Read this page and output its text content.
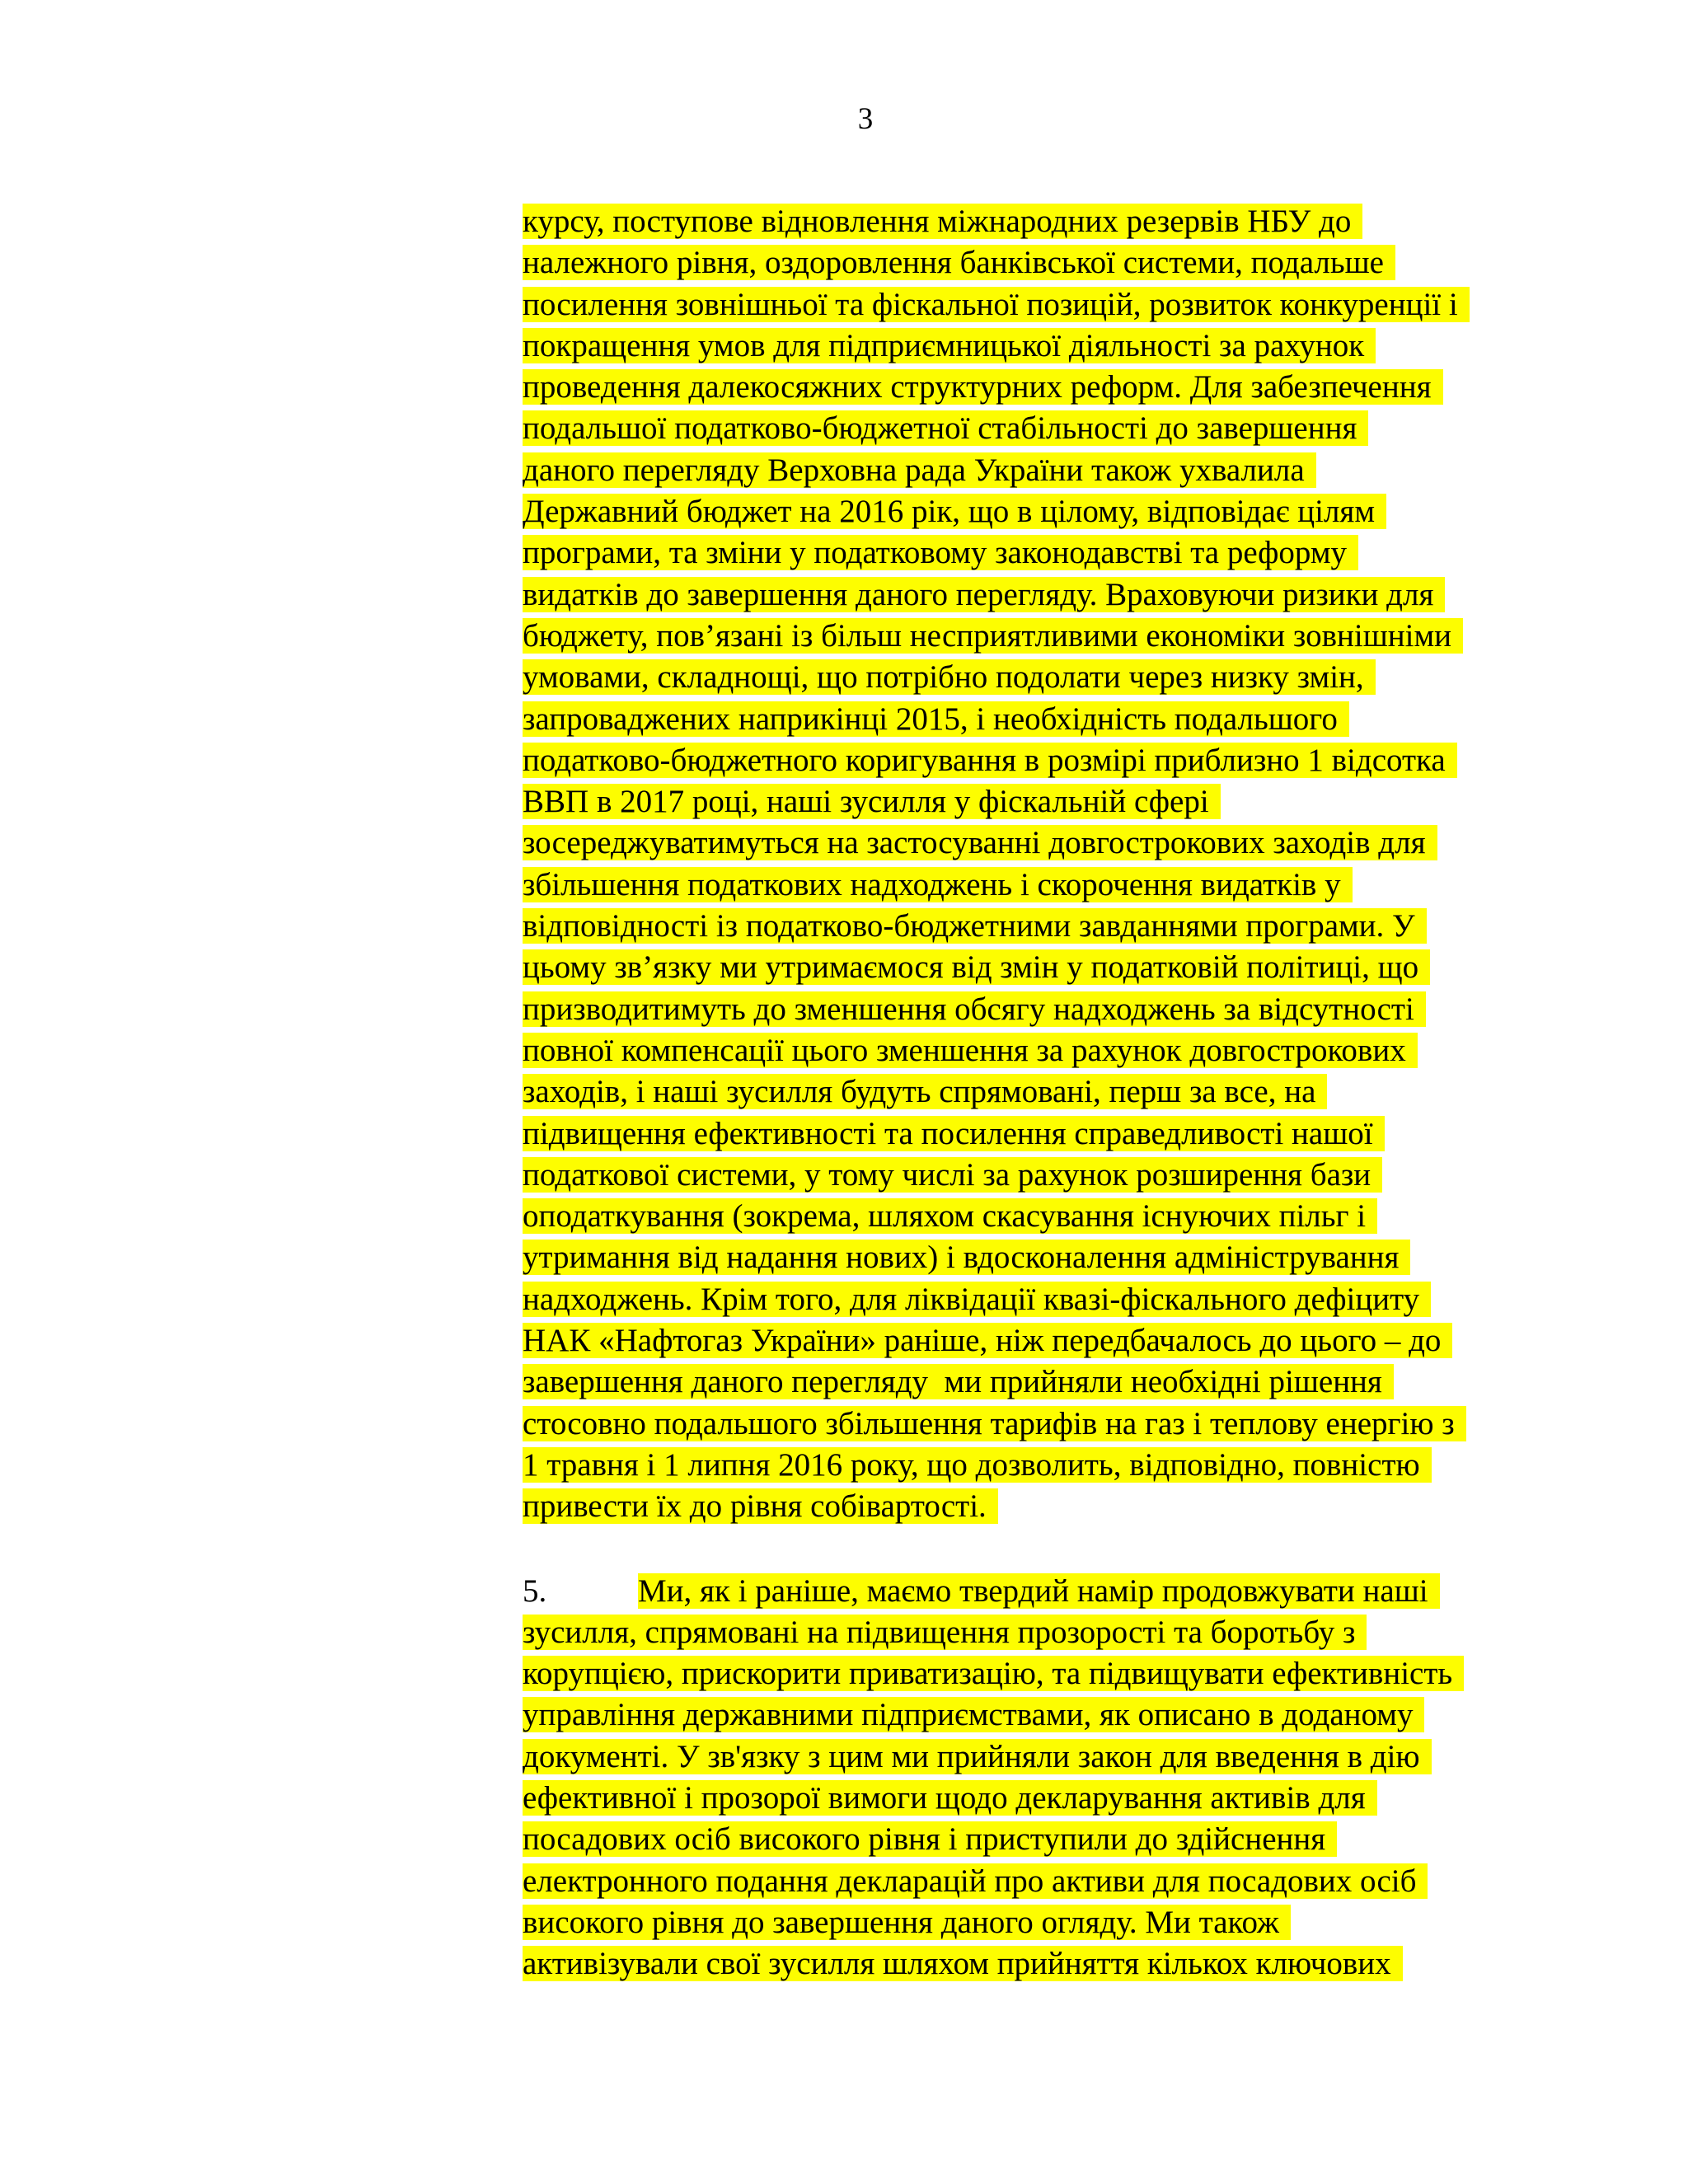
3
курсу, поступове відновлення міжнародних резервів НБУ до
належного рівня, оздоровлення банківської системи, подальше
посилення зовнішньої та фіскальної позицій, розвиток конкуренції і
покращення умов для підприємницької діяльності за рахунок
проведення далекосяжних структурних реформ. Для забезпечення
подальшої податково-бюджетної стабільності до завершення
даного перегляду Верховна рада України також ухвалила
Державний бюджет на 2016 рік, що в цілому, відповідає цілям
програми, та зміни у податковому законодавстві та реформу
видатків до завершення даного перегляду. Враховуючи ризики для
бюджету, пов’язані із більш несприятливими економіки зовнішніми
умовами, складнощі, що потрібно подолати через низку змін,
запроваджених наприкінці 2015, і необхідність подальшого
податково-бюджетного коригування в розмірі приблизно 1 відсотка
ВВП в 2017 році, наші зусилля у фіскальній сфері
зосереджуватимуться на застосуванні довгострокових заходів для
збільшення податкових надходжень і скорочення видатків у
відповідності із податково-бюджетними завданнями програми. У
цьому зв’язку ми утримаємося від змін у податковій політиці, що
призводитимуть до зменшення обсягу надходжень за відсутності
повної компенсації цього зменшення за рахунок довгострокових
заходів, і наші зусилля будуть спрямовані, перш за все, на
підвищення ефективності та посилення справедливості нашої
податкової системи, у тому числі за рахунок розширення бази
оподаткування (зокрема, шляхом скасування існуючих пільг і
утримання від надання нових) і вдосконалення адміністрування
надходжень. Крім того, для ліквідації квазі-фіскального дефіциту
НАК «Нафтогаз України» раніше, ніж передбачалось до цього – до
завершення даного перегляду  ми прийняли необхідні рішення
стосовно подальшого збільшення тарифів на газ і теплову енергію з
1 травня і 1 липня 2016 року, що дозволить, відповідно, повністю
привести їх до рівня собівартості.
5.	Ми, як і раніше, маємо твердий намір продовжувати наші
зусилля, спрямовані на підвищення прозорості та боротьбу з
корупцією, прискорити приватизацію, та підвищувати ефективність
управління державними підприємствами, як описано в доданому
документі. У зв'язку з цим ми прийняли закон для введення в дію
ефективної і прозорої вимоги щодо декларування активів для
посадових осіб високого рівня і приступили до здійснення
електронного подання декларацій про активи для посадових осіб
високого рівня до завершення даного огляду. Ми також
активізували свої зусилля шляхом прийняття кількох ключових
